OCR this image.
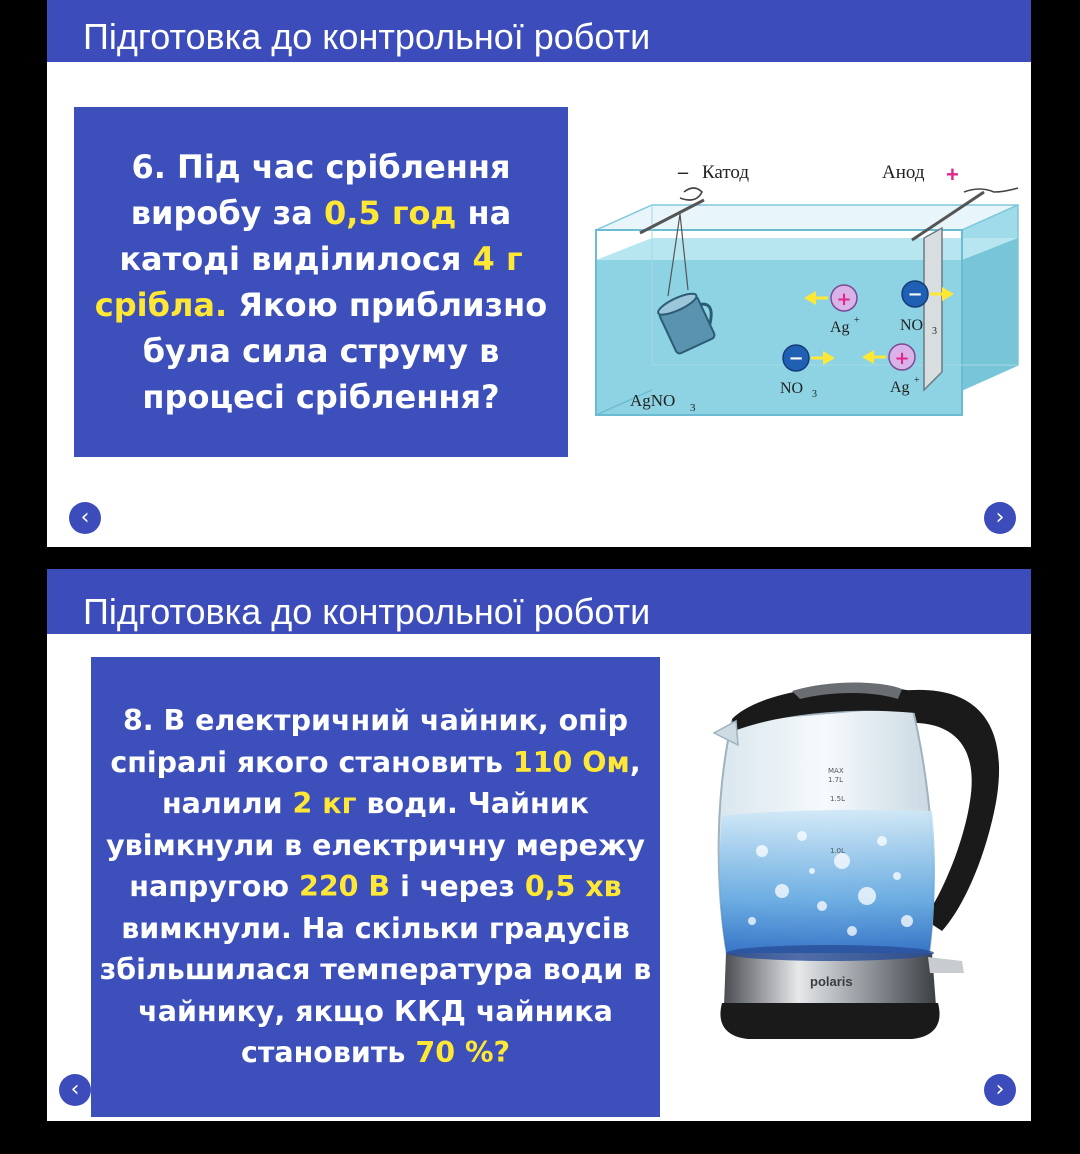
Підготовка до контрольної роботи

6. Під час сріблення виробу за 0,5 год на катоді виділилося 4 г срібла. Якою приблизно була сила струму в процесі сріблення?

– Катод	Анод +
+
Ag +
−
NO 3
−
NO 3
+
Ag +
AgNO 3
‹	›
Підготовка до контрольної роботи

8. В електричний чайник, опір спіралі якого становить 110 Ом, налили 2 кг води. Чайник увімкнули в електричну мережу напругою 220 В і через 0,5 хв вимкнули. На скільки градусів збільшилася температура води в чайнику, якщо ККД чайника становить 70 %?

MAX
1.7L
1.5L
1.0L
polaris
‹	›
